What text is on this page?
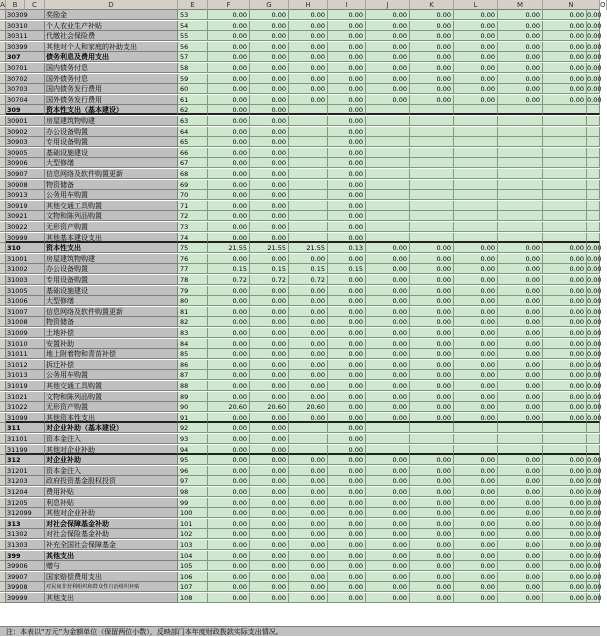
A	B	C	D	E	F	G	H	I	J	K	L	M	N	O
30309	奖励金	53	0.00	0.00	0.00	0.00	0.00	0.00	0.00	0.00	0.00 0.00
30310	个人农业生产补贴	54	0.00	0.00	0.00	0.00	0.00	0.00	0.00	0.00	0.00 0.00
30311	代缴社会保险费	55	0.00	0.00	0.00	0.00	0.00	0.00	0.00	0.00	0.00 0.00
30399	其他对个人和家庭的补助支出	56	0.00	0.00	0.00	0.00	0.00	0.00	0.00	0.00	0.00 0.00
307	债务利息及费用支出	57	0.00	0.00	0.00	0.00	0.00	0.00	0.00	0.00	0.00 0.00
30701	国内债务付息	58	0.00	0.00	0.00	0.00	0.00	0.00	0.00	0.00	0.00 0.00
30702	国外债务付息	59	0.00	0.00	0.00	0.00	0.00	0.00	0.00	0.00	0.00 0.00
30703	国内债务发行费用	60	0.00	0.00	0.00	0.00	0.00	0.00	0.00	0.00	0.00 0.00
30704	国外债务发行费用	61	0.00	0.00	0.00	0.00	0.00	0.00	0.00	0.00	0.00 0.00
309	资本性支出（基本建设）	62	0.00	0.00	0.00
30901	房屋建筑物购建	63	0.00	0.00	0.00
30902	办公设备购置	64	0.00	0.00	0.00
30903	专用设备购置	65	0.00	0.00	0.00
30905	基础设施建设	66	0.00	0.00	0.00
30906	大型修缮	67	0.00	0.00	0.00
30907	信息网络及软件购置更新	68	0.00	0.00	0.00
30908	物资储备	69	0.00	0.00	0.00
30913	公务用车购置	70	0.00	0.00	0.00
30919	其他交通工具购置	71	0.00	0.00	0.00
30921	文物和陈列品购置	72	0.00	0.00	0.00
30922	无形资产购置	73	0.00	0.00	0.00
30999	其他基本建设支出	74	0.00	0.00	0.00
310	资本性支出	75	21.55	21.55	21.55	0.13	0.00	0.00	0.00	0.00	0.00 0.00
31001	房屋建筑物购建	76	0.00	0.00	0.00	0.00	0.00	0.00	0.00	0.00	0.00 0.00
31002	办公设备购置	77	0.15	0.15	0.15	0.15	0.00	0.00	0.00	0.00	0.00 0.00
31003	专用设备购置	78	0.72	0.72	0.72	0.00	0.00	0.00	0.00	0.00	0.00 0.00
31005	基础设施建设	79	0.00	0.00	0.00	0.00	0.00	0.00	0.00	0.00	0.00 0.00
31006	大型修缮	80	0.00	0.00	0.00	0.00	0.00	0.00	0.00	0.00	0.00 0.00
31007	信息网络及软件购置更新	81	0.00	0.00	0.00	0.00	0.00	0.00	0.00	0.00	0.00 0.00
31008	物资储备	82	0.00	0.00	0.00	0.00	0.00	0.00	0.00	0.00	0.00 0.00
31009	土地补偿	83	0.00	0.00	0.00	0.00	0.00	0.00	0.00	0.00	0.00 0.00
31010	安置补助	84	0.00	0.00	0.00	0.00	0.00	0.00	0.00	0.00	0.00 0.00
31011	地上附着物和青苗补偿	85	0.00	0.00	0.00	0.00	0.00	0.00	0.00	0.00	0.00 0.00
31012	拆迁补偿	86	0.00	0.00	0.00	0.00	0.00	0.00	0.00	0.00	0.00 0.00
31013	公务用车购置	87	0.00	0.00	0.00	0.00	0.00	0.00	0.00	0.00	0.00 0.00
31019	其他交通工具购置	88	0.00	0.00	0.00	0.00	0.00	0.00	0.00	0.00	0.00 0.00
31021	文物和陈列品购置	89	0.00	0.00	0.00	0.00	0.00	0.00	0.00	0.00	0.00 0.00
31022	无形资产购置	90	20.60	20.60	20.60	0.00	0.00	0.00	0.00	0.00	0.00 0.00
31099	其他资本性支出	91	0.00	0.00	0.00	0.00	0.00	0.00	0.00	0.00	0.00 0.00
311	对企业补助（基本建设）	92	0.00	0.00	0.00
31101	资本金注入	93	0.00	0.00	0.00
31199	其他对企业补助	94	0.00	0.00	0.00
312	对企业补助	95	0.00	0.00	0.00	0.00	0.00	0.00	0.00	0.00	0.00 0.00
31201	资本金注入	96	0.00	0.00	0.00	0.00	0.00	0.00	0.00	0.00	0.00 0.00
31203	政府投资基金股权投资	97	0.00	0.00	0.00	0.00	0.00	0.00	0.00	0.00	0.00 0.00
31204	费用补贴	98	0.00	0.00	0.00	0.00	0.00	0.00	0.00	0.00	0.00 0.00
31205	利息补贴	99	0.00	0.00	0.00	0.00	0.00	0.00	0.00	0.00	0.00 0.00
312099	其他对企业补助	100	0.00	0.00	0.00	0.00	0.00	0.00	0.00	0.00	0.00 0.00
313	对社会保障基金补助	101	0.00	0.00	0.00	0.00	0.00	0.00	0.00	0.00	0.00 0.00
31302	对社会保险基金补助	102	0.00	0.00	0.00	0.00	0.00	0.00	0.00	0.00	0.00 0.00
31303	补充全国社会保障基金	103	0.00	0.00	0.00	0.00	0.00	0.00	0.00	0.00	0.00 0.00
399	其他支出	104	0.00	0.00	0.00	0.00	0.00	0.00	0.00	0.00	0.00 0.00
39906	赠与	105	0.00	0.00	0.00	0.00	0.00	0.00	0.00	0.00	0.00 0.00
39907	国家赔偿费用支出	106	0.00	0.00	0.00	0.00	0.00	0.00	0.00	0.00	0.00 0.00
39908	对民间非营利组织和群众性自治组织补贴	107	0.00	0.00	0.00	0.00	0.00	0.00	0.00	0.00	0.00 0.00
39999	其他支出	108	0.00	0.00	0.00	0.00	0.00	0.00	0.00	0.00	0.00 0.00
注：本表以“万元”为金额单位（保留两位小数），反映部门本年度财政拨款实际支出情况。
